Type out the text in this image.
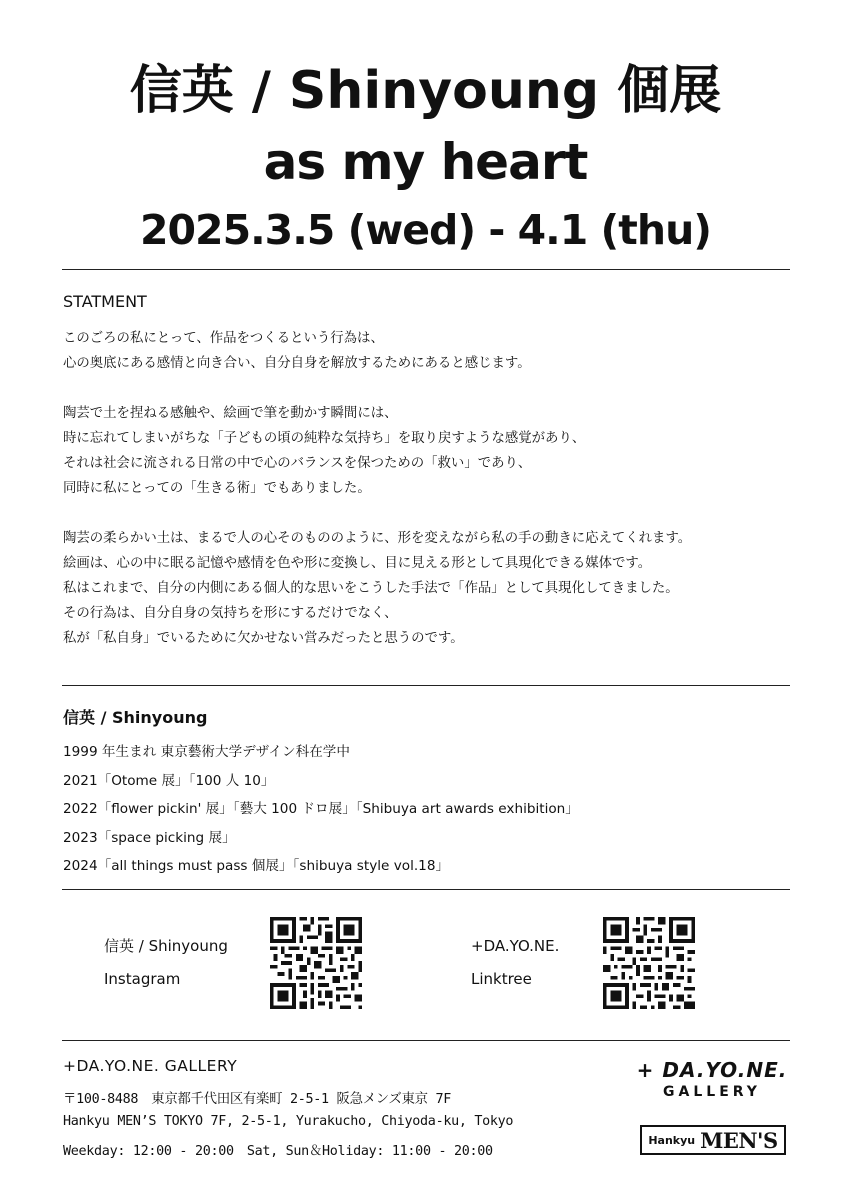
信英 / Shinyoung 個展
as my heart
2025.3.5 (wed) - 4.1 (thu)
STATMENT

このごろの私にとって、作品をつくるという行為は、
心の奥底にある感情と向き合い、自分自身を解放するためにあると感じます。

陶芸で土を捏ねる感触や、絵画で筆を動かす瞬間には、
時に忘れてしまいがちな「子どもの頃の純粋な気持ち」を取り戻すような感覚があり、
それは社会に流される日常の中で心のバランスを保つための「救い」であり、
同時に私にとっての「生きる術」でもありました。

陶芸の柔らかい土は、まるで人の心そのもののように、形を変えながら私の手の動きに応えてくれます。
絵画は、心の中に眠る記憶や感情を色や形に変換し、目に見える形として具現化できる媒体です。
私はこれまで、自分の内側にある個人的な思いをこうした手法で「作品」として具現化してきました。
その行為は、自分自身の気持ちを形にするだけでなく、
私が「私自身」でいるために欠かせない営みだったと思うのです。

信英 / Shinyoung
1999 年生まれ 東京藝術大学デザイン科在学中
2021「Otome 展」「100 人 10」
2022「flower pickin' 展」「藝大 100 ドロ展」「Shibuya art awards exhibition」
2023「space picking 展」
2024「all things must pass 個展」「shibuya style vol.18」
信英 / Shinyoung
Instagram
+DA.YO.NE.
Linktree
+DA.YO.NE. GALLERY
〒100-8488　東京都千代田区有楽町 2-5-1 阪急メンズ東京 7F
Hankyu MEN’S TOKYO 7F, 2-5-1, Yurakucho, Chiyoda-ku, Tokyo
Weekday: 12:00 - 20:00　Sat, Sun＆Holiday: 11:00 - 20:00
+ DA.YO.NE.
GALLERY
Hankyu MEN'S
